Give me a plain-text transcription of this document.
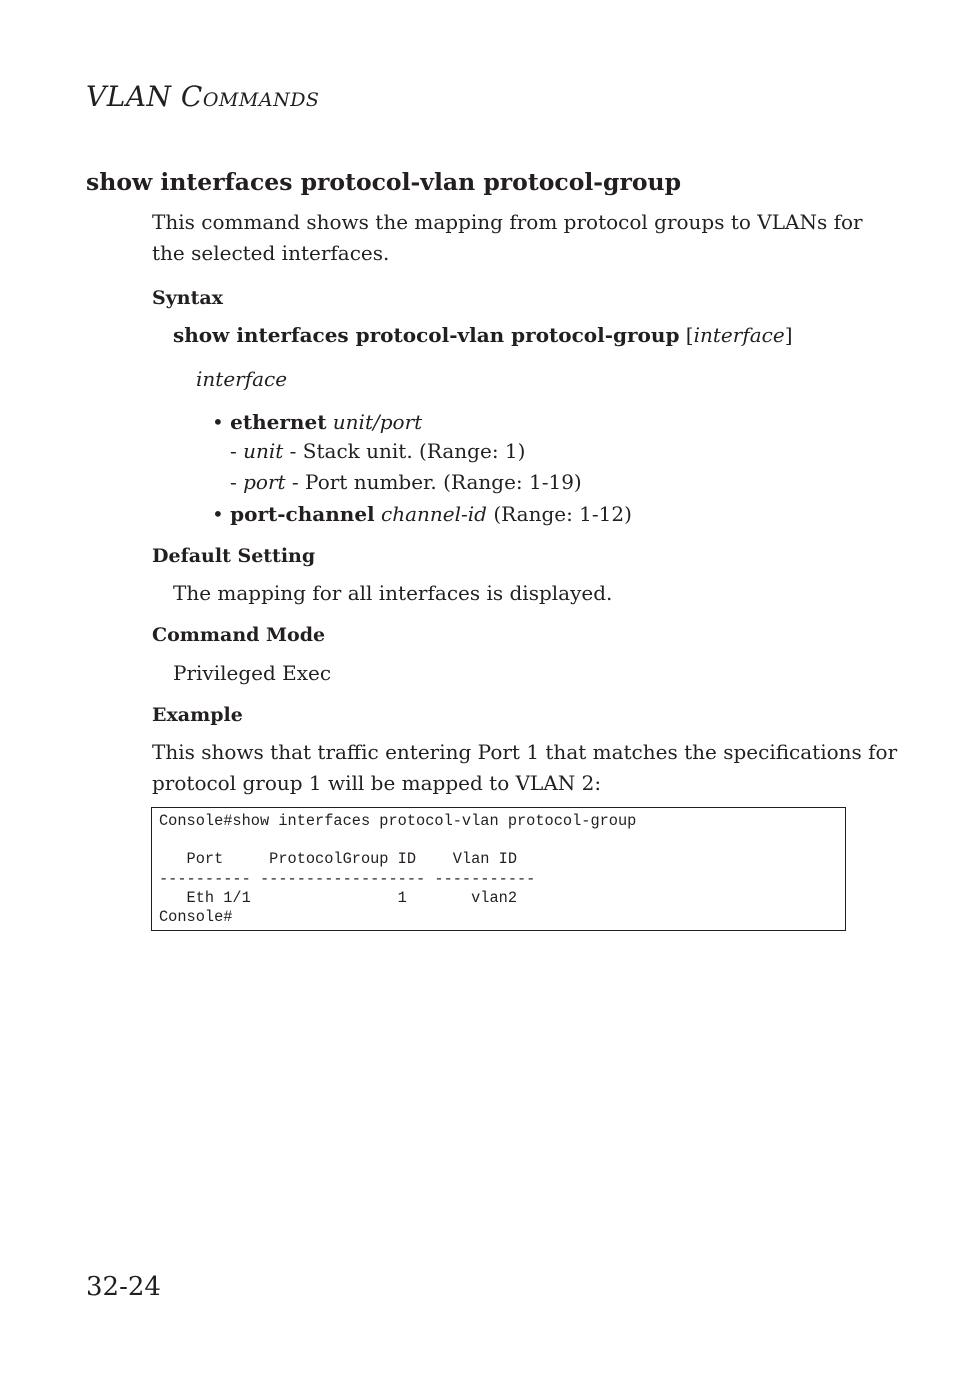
VLAN COMMANDS
show interfaces protocol-vlan protocol-group
This command shows the mapping from protocol groups to VLANs for
the selected interfaces.
Syntax
show interfaces protocol-vlan protocol-group [interface]
interface
• ethernet unit/port
- unit - Stack unit. (Range: 1)
- port - Port number. (Range: 1-19)
• port-channel channel-id (Range: 1-12)
Default Setting
The mapping for all interfaces is displayed.
Command Mode
Privileged Exec
Example
This shows that traffic entering Port 1 that matches the specifications for
protocol group 1 will be mapped to VLAN 2:
Console#show interfaces protocol-vlan protocol-group

Port     ProtocolGroup ID    Vlan ID
---------- ------------------ -----------
Eth 1/1                1       vlan2
Console#
32-24
